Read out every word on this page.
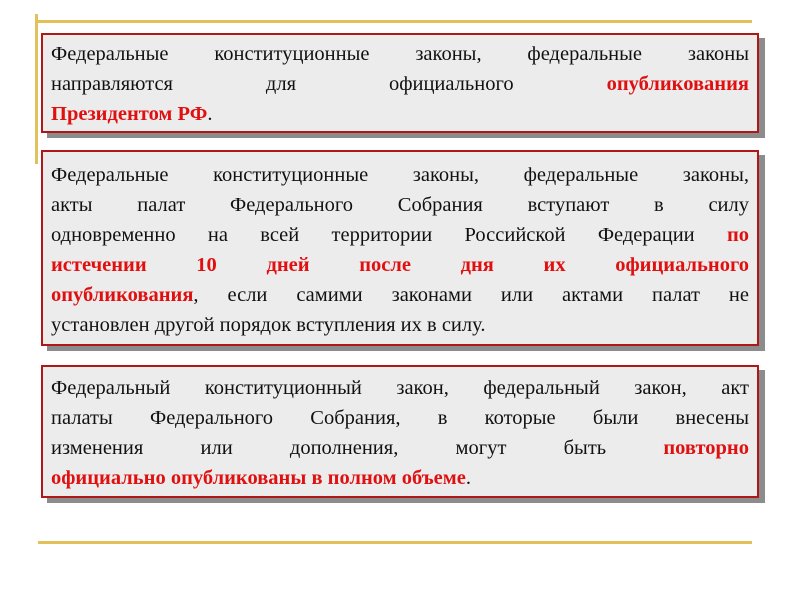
Федеральные конституционные законы, федеральные законы
направляются для официального опубликования
Президентом РФ.
Федеральные конституционные законы, федеральные законы,
акты палат Федерального Собрания вступают в силу
одновременно на всей территории Российской Федерации по
истечении 10 дней после дня их официального
опубликования, если самими законами или актами палат не
установлен другой порядок вступления их в силу.
Федеральный конституционный закон, федеральный закон, акт
палаты Федерального Собрания, в которые были внесены
изменения или дополнения, могут быть повторно
официально опубликованы в полном объеме.
